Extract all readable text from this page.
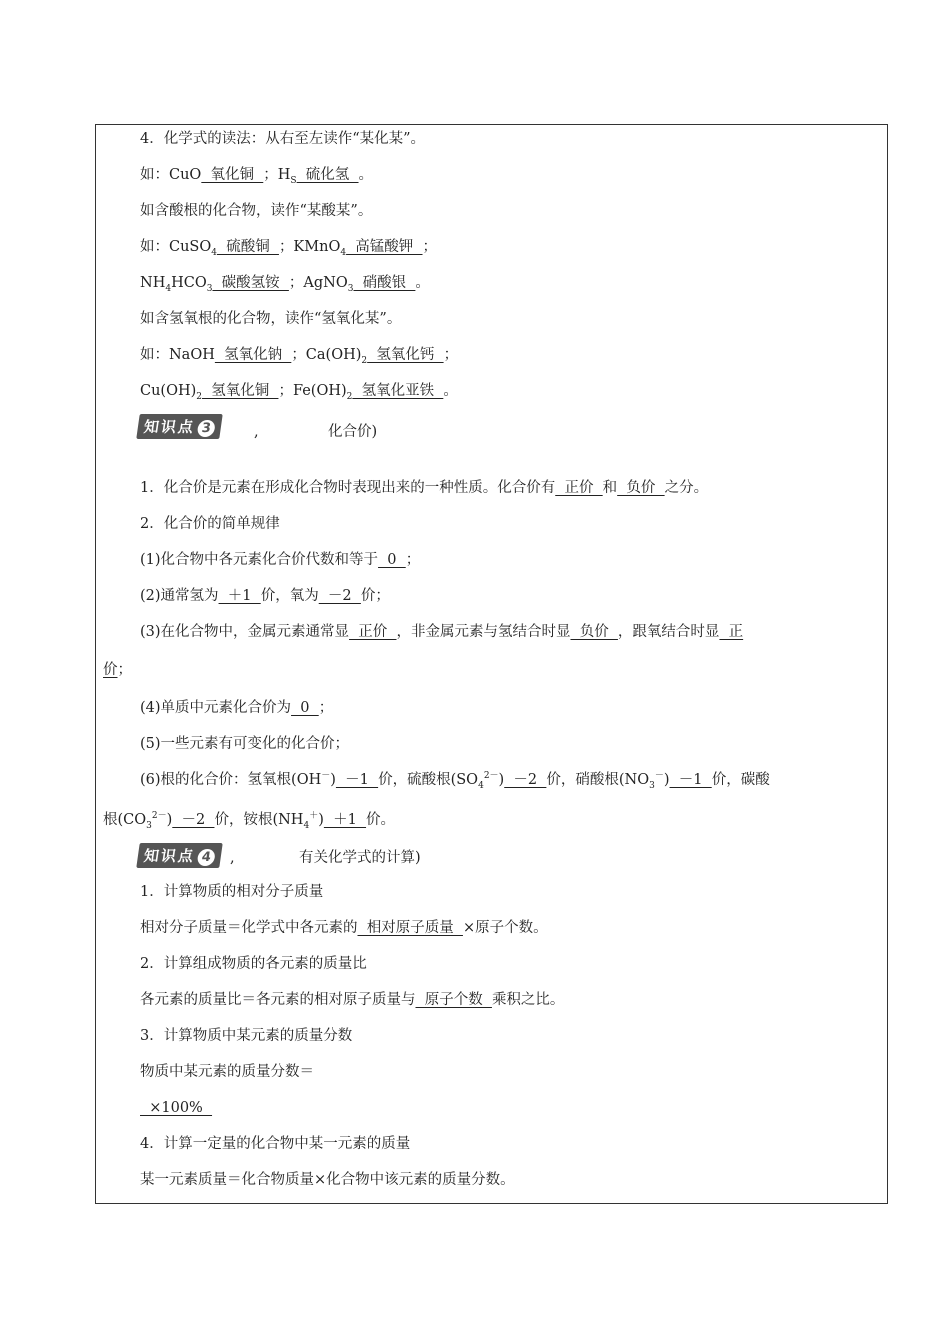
4．化学式的读法：从右至左读作“某化某”。
如：CuO  氧化铜  ；$H_S$  硫化氢  。
如含酸根的化合物，读作“某酸某”。
如：CuSO$_4$  硫酸铜  ；KMnO$_4$  高锰酸钾  ；
$NH_4HCO_3$  碳酸氢铵  ；AgNO$_3$  硝酸银  。
如含氢氧根的化合物，读作“氢氧化某”。
如：NaOH  氢氧化钠  ；$Ca(OH)_2$  氢氧化钙  ；
$Cu(OH)_2$  氢氧化铜  ；$Fe(OH)_2$  氢氧化亚铁  。
知识点 3	,	化合价)
1．化合价是元素在形成化合物时表现出来的一种性质。化合价有  正价  和  负价  之分。
2．化合价的简单规律
(1)化合物中各元素化合价代数和等于  0  ；
(2)通常氢为  ＋1  价，氧为  －2  价；
(3)在化合物中，金属元素通常显  正价  ，非金属元素与氢结合时显  负价  ，跟氧结合时显  正
价；
(4)单质中元素化合价为  0  ；
(5)一些元素有可变化的化合价；
(6)根的化合价：氢氧根(OH－)  －1  价，硫酸根$(SO_4^{2-}) -2$  价，硝酸根$(NO_3^-) -1$  价，碳酸
根$(CO_3^{2-}) -2$  价，铵根$(NH_4^+) +1$  价。
知识点 4	,	有关化学式的计算)
1．计算物质的相对分子质量
相对分子质量＝化学式中各元素的  相对原子质量  ×原子个数。
2．计算组成物质的各元素的质量比
各元素的质量比＝各元素的相对原子质量与  原子个数  乘积之比。
3．计算物质中某元素的质量分数
物质中某元素的质量分数＝
×100%
4．计算一定量的化合物中某一元素的质量
某一元素质量＝化合物质量×化合物中该元素的质量分数。
